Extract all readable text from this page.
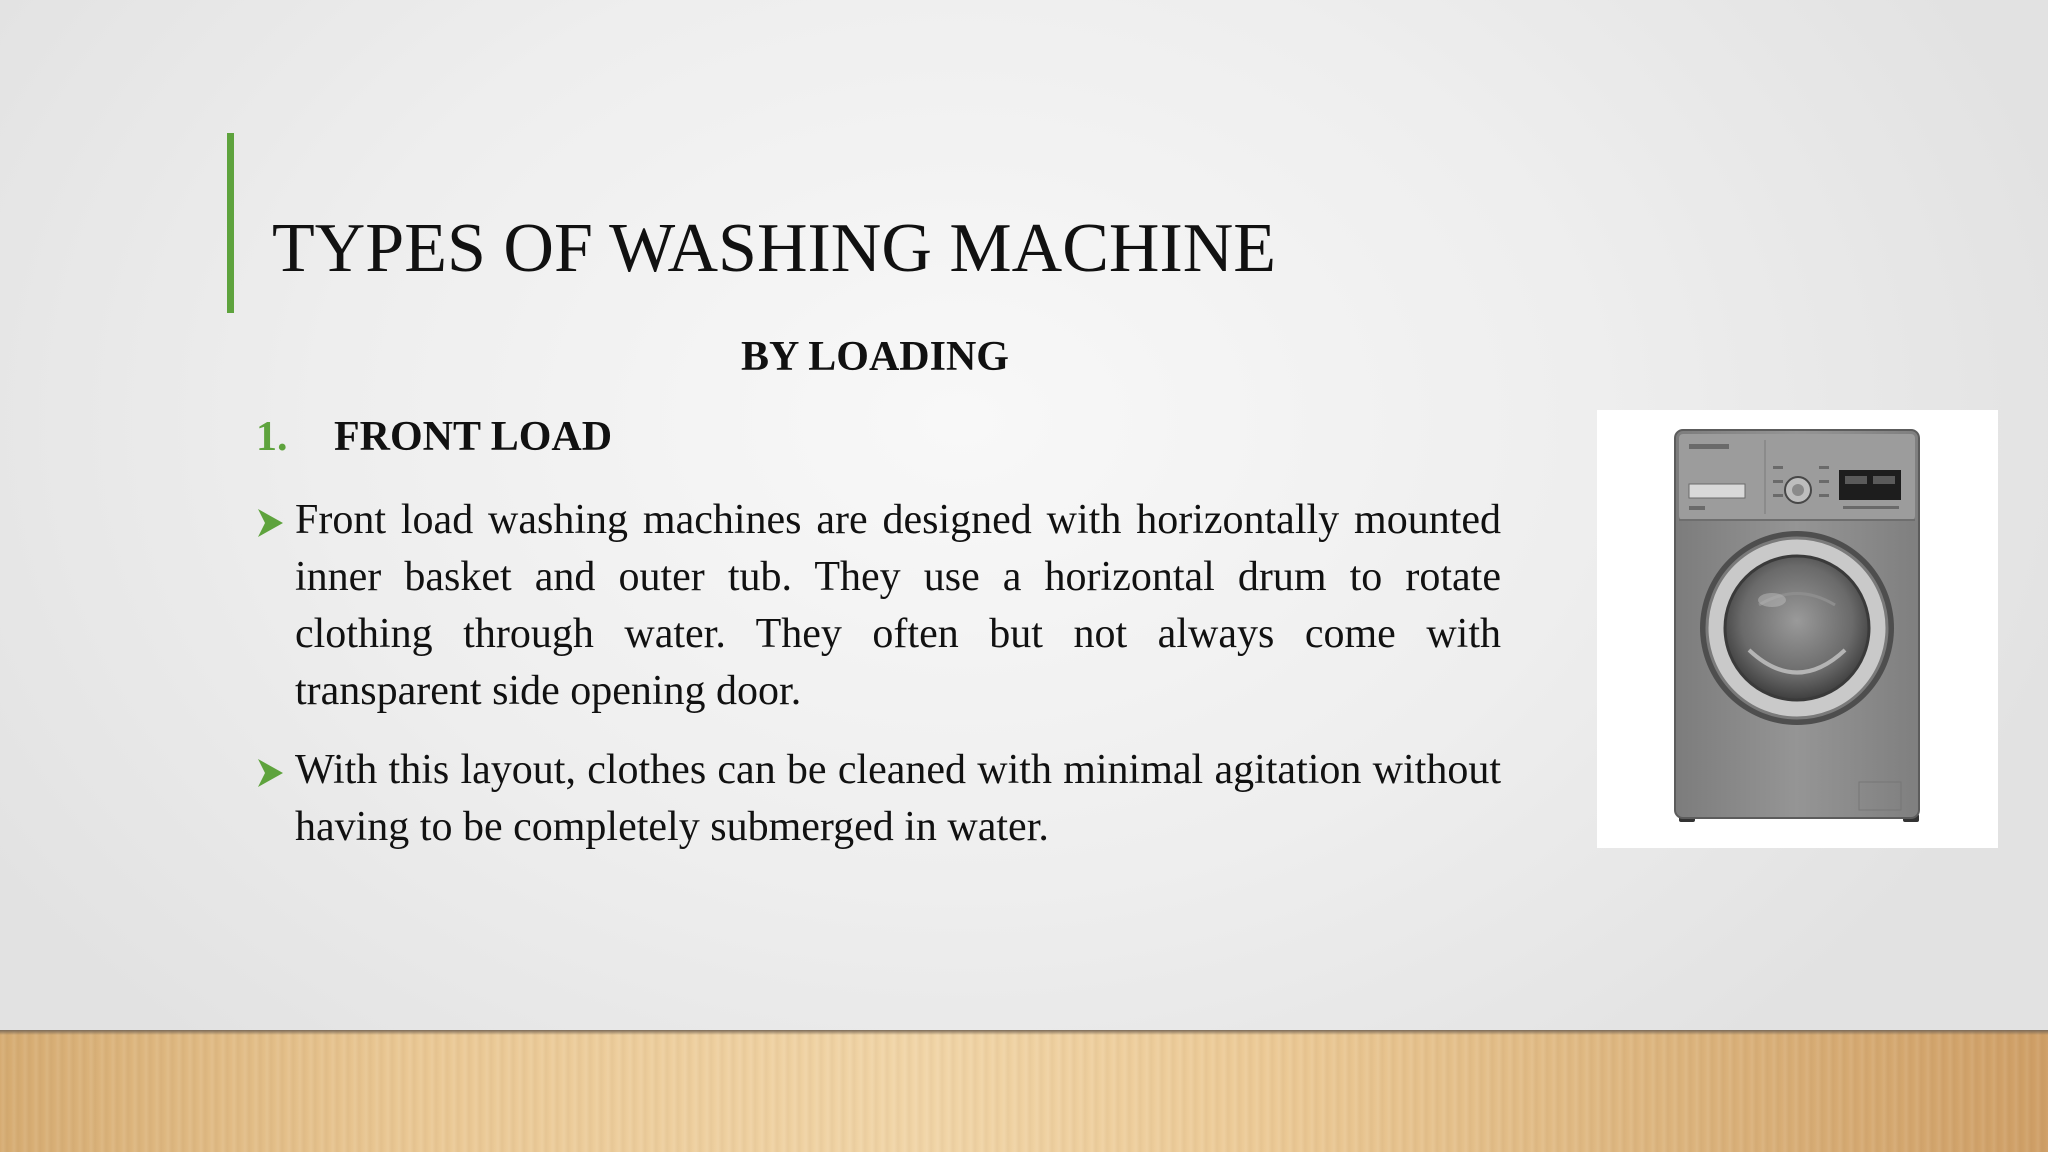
TYPES OF WASHING MACHINE
BY LOADING
1. FRONT LOAD
Front load washing machines are designed with horizontally mounted inner basket and outer tub. They use a horizontal drum to rotate clothing through water. They often but not always come with transparent side opening door.
With this layout, clothes can be cleaned with minimal agitation without having to be completely submerged in water.
